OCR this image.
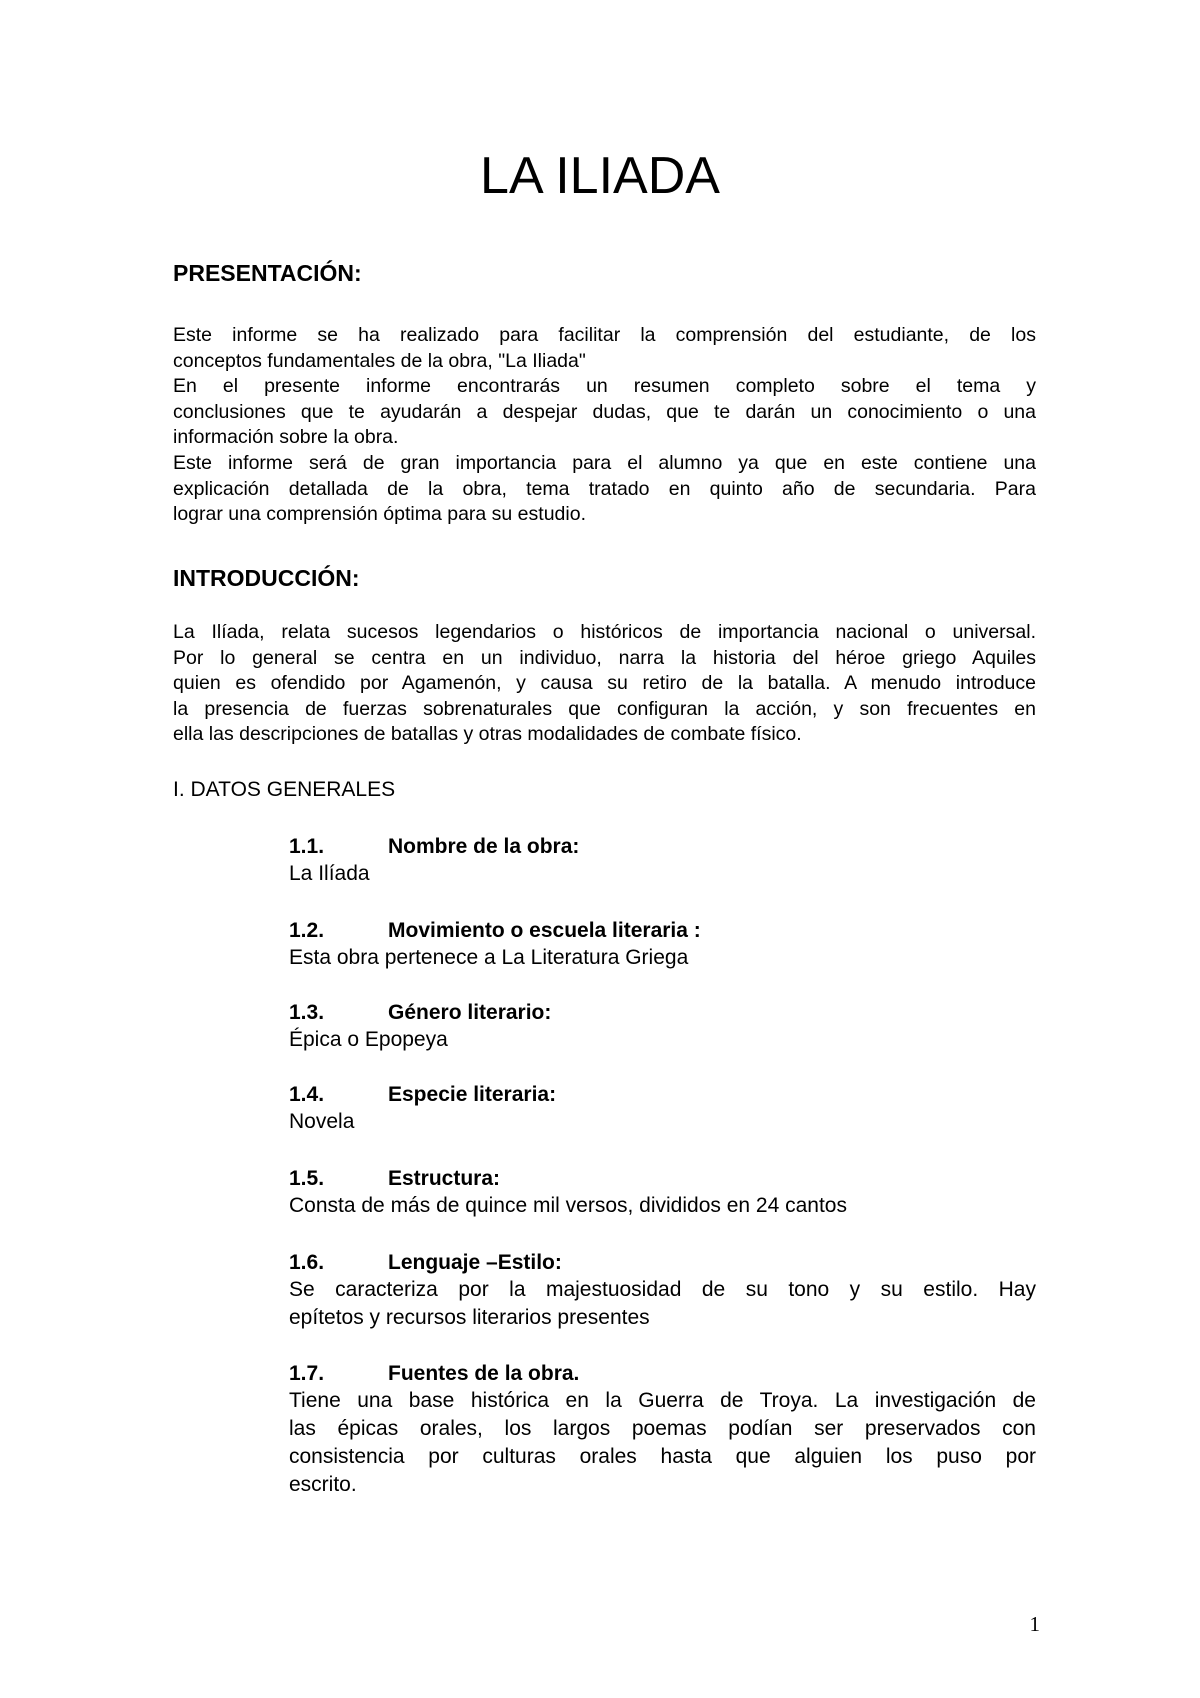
LA ILIADA
PRESENTACIÓN:
Este informe se ha realizado para facilitar la comprensión del estudiante, de los
conceptos fundamentales de la obra, "La Iliada"
En el presente informe encontrarás un resumen completo sobre el tema y
conclusiones que te ayudarán a despejar dudas, que te darán un conocimiento o una
información sobre la obra.
Este informe será de gran importancia para el alumno ya que en este contiene una
explicación detallada de la obra, tema tratado en quinto año de secundaria. Para
lograr una comprensión óptima para su estudio.
INTRODUCCIÓN:
La Ilíada, relata sucesos legendarios o históricos de importancia nacional o universal.
Por lo general se centra en un individuo, narra la historia del héroe griego Aquiles
quien es ofendido por Agamenón, y causa su retiro de la batalla. A menudo introduce
la presencia de fuerzas sobrenaturales que configuran la acción, y son frecuentes en
ella las descripciones de batallas y otras modalidades de combate físico.
I. DATOS GENERALES
1.1.	Nombre de la obra:
La Ilíada
1.2.	Movimiento o escuela literaria :
Esta obra pertenece a La Literatura Griega
1.3.	Género literario:
Épica o Epopeya
1.4.	Especie literaria:
Novela
1.5.	Estructura:
Consta de más de quince mil versos, divididos en 24 cantos
1.6.	Lenguaje –Estilo:
Se caracteriza por la majestuosidad de su tono y su estilo. Hay
epítetos y recursos literarios presentes
1.7.	Fuentes de la obra.
Tiene una base histórica en la Guerra de Troya. La investigación de
las épicas orales, los largos poemas podían ser preservados con
consistencia por culturas orales hasta que alguien los puso por
escrito.
1
